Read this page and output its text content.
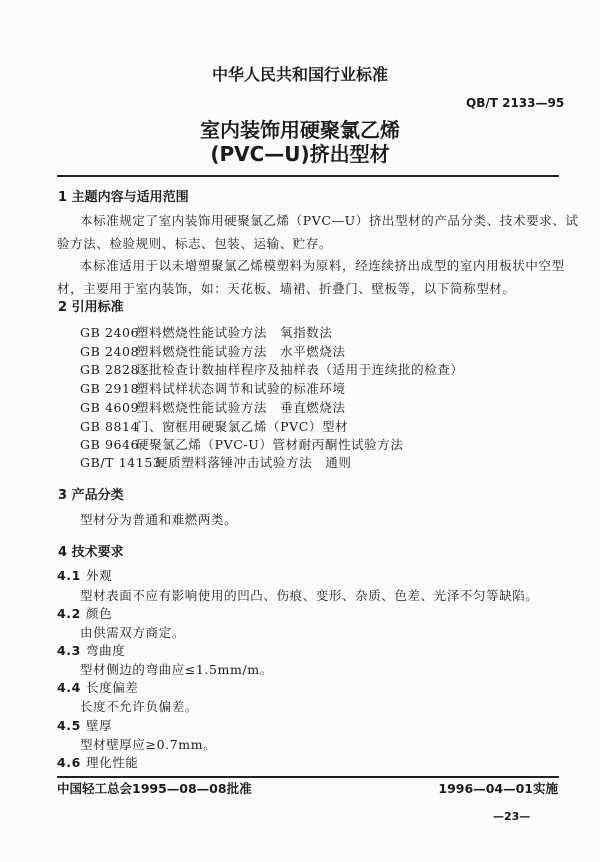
中华人民共和国行业标准
QB/T 2133—95
室内装饰用硬聚氯乙烯
(PVC—U)挤出型材
1 主题内容与适用范围
本标准规定了室内装饰用硬聚氯乙烯（PVC—U）挤出型材的产品分类、技术要求、试
验方法、检验规则、标志、包装、运输、贮存。
本标准适用于以未增塑聚氯乙烯模塑料为原料，经连续挤出成型的室内用板状中空型
材，主要用于室内装饰，如：天花板、墙裙、折叠门、壁板等，以下简称型材。
2 引用标准
GB 2406
塑料燃烧性能试验方法　氧指数法
GB 2408
塑料燃烧性能试验方法　水平燃烧法
GB 2828
逐批检查计数抽样程序及抽样表（适用于连续批的检查）
GB 2918
塑料试样状态调节和试验的标准环境
GB 4609
塑料燃烧性能试验方法　垂直燃烧法
GB 8814
门、窗框用硬聚氯乙烯（PVC）型材
GB 9646
硬聚氯乙烯（PVC-U）管材耐丙酮性试验方法
GB/T 14153
硬质塑料落锤冲击试验方法　通则
3 产品分类
型材分为普通和难燃两类。
4 技术要求
4.1 外观
型材表面不应有影响使用的凹凸、伤痕、变形、杂质、色差、光泽不匀等缺陷。
4.2 颜色
由供需双方商定。
4.3 弯曲度
型材侧边的弯曲应≤1.5mm/m。
4.4 长度偏差
长度不允许负偏差。
4.5 壁厚
型材壁厚应≥0.7mm。
4.6 理化性能
中国轻工总会1995—08—08批准	1996—04—01实施
—23—
